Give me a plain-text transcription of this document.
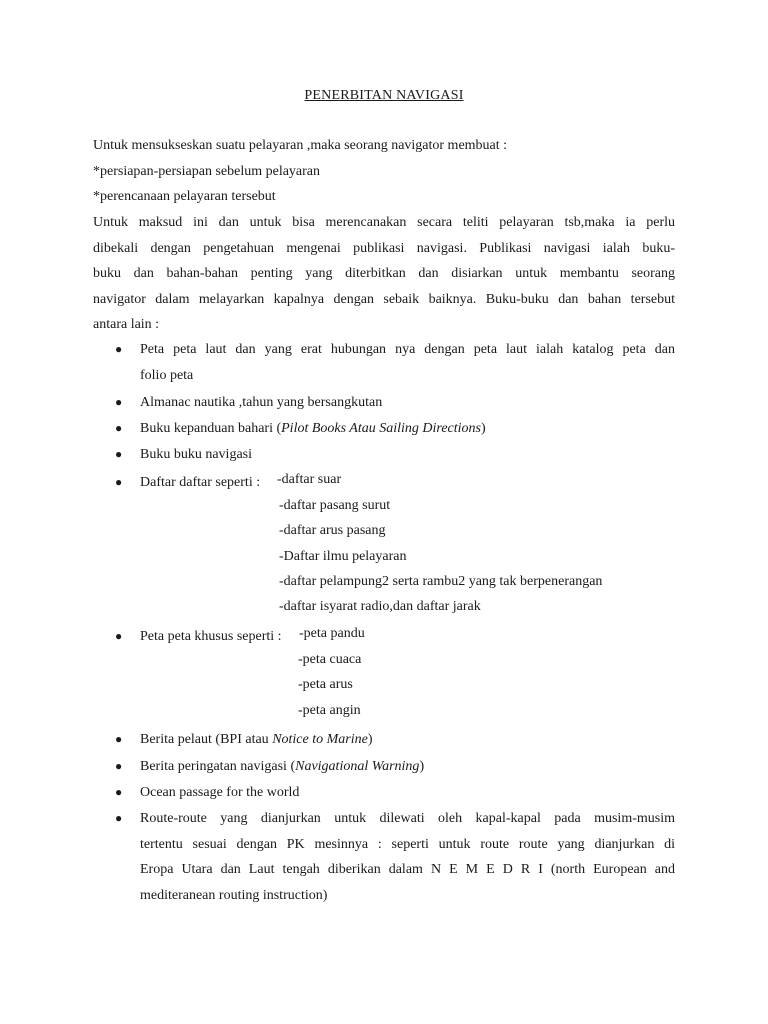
PENERBITAN NAVIGASI
Untuk mensukseskan suatu pelayaran ,maka seorang navigator membuat :
*persiapan-persiapan sebelum pelayaran
*perencanaan pelayaran tersebut
Untuk maksud ini dan untuk bisa merencanakan secara teliti pelayaran tsb,maka ia perlu
dibekali dengan pengetahuan mengenai publikasi navigasi. Publikasi navigasi ialah buku-
buku dan bahan-bahan penting yang diterbitkan dan disiarkan untuk membantu seorang
navigator dalam melayarkan kapalnya dengan sebaik baiknya. Buku-buku dan bahan tersebut
antara lain :
● Peta peta laut dan yang erat hubungan nya dengan peta laut ialah katalog peta dan
folio peta
● Almanac nautika ,tahun yang bersangkutan
● Buku kepanduan bahari (Pilot Books Atau Sailing Directions)
● Buku buku navigasi
● Daftar daftar seperti :	-daftar suar
-daftar pasang surut
-daftar arus pasang
-Daftar ilmu pelayaran
-daftar pelampung2 serta rambu2 yang tak berpenerangan
-daftar isyarat radio,dan daftar jarak
● Peta peta khusus seperti :	-peta pandu
-peta cuaca
-peta arus
-peta angin
● Berita pelaut (BPI atau Notice to Marine)
● Berita peringatan navigasi (Navigational Warning)
● Ocean passage for the world
● Route-route yang dianjurkan untuk dilewati oleh kapal-kapal pada musim-musim
tertentu sesuai dengan PK mesinnya : seperti untuk route route yang dianjurkan di
Eropa Utara dan Laut tengah diberikan dalam N E M E D R I (north European and
mediteranean routing instruction)
